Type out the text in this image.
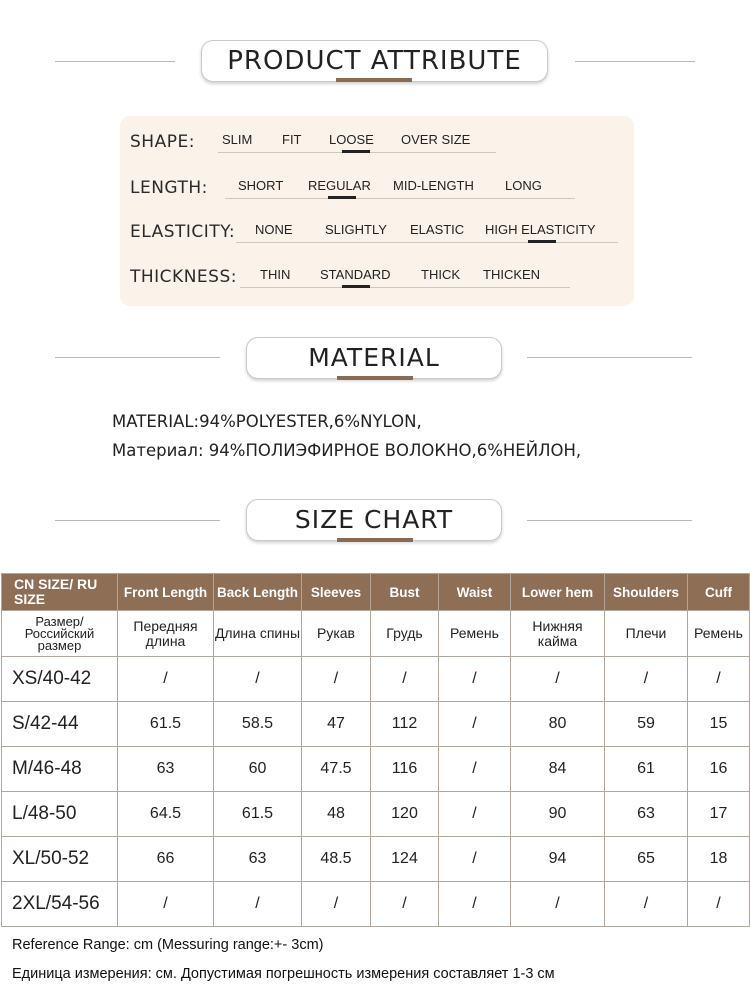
PRODUCT ATTRIBUTE
SHAPE: SLIM FIT LOOSE OVER SIZE
LENGTH: SHORT REGULAR MID-LENGTH LONG
ELASTICITY: NONE SLIGHTLY ELASTIC HIGH ELASTICITY
THICKNESS: THIN STANDARD THICK THICKEN
MATERIAL
MATERIAL:94%POLYESTER,6%NYLON,
Материал: 94%ПОЛИЭФИРНОЕ ВОЛОКНО,6%НЕЙЛОН,
SIZE CHART
CN SIZE/ RU SIZE	Front Length	Back Length	Sleeves	Bust	Waist	Lower hem	Shoulders	Cuff
Размер/ Российский размер	Передняя длина	Длина спины	Рукав	Грудь	Ремень	Нижняя кайма	Плечи	Ремень
XS/40-42	/	/	/	/	/	/	/	/
S/42-44	61.5	58.5	47	112	/	80	59	15
M/46-48	63	60	47.5	116	/	84	61	16
L/48-50	64.5	61.5	48	120	/	90	63	17
XL/50-52	66	63	48.5	124	/	94	65	18
2XL/54-56	/	/	/	/	/	/	/	/
Reference Range: cm (Messuring range:+- 3cm)
Единица измерения: см. Допустимая погрешность измерения составляет 1-3 см
